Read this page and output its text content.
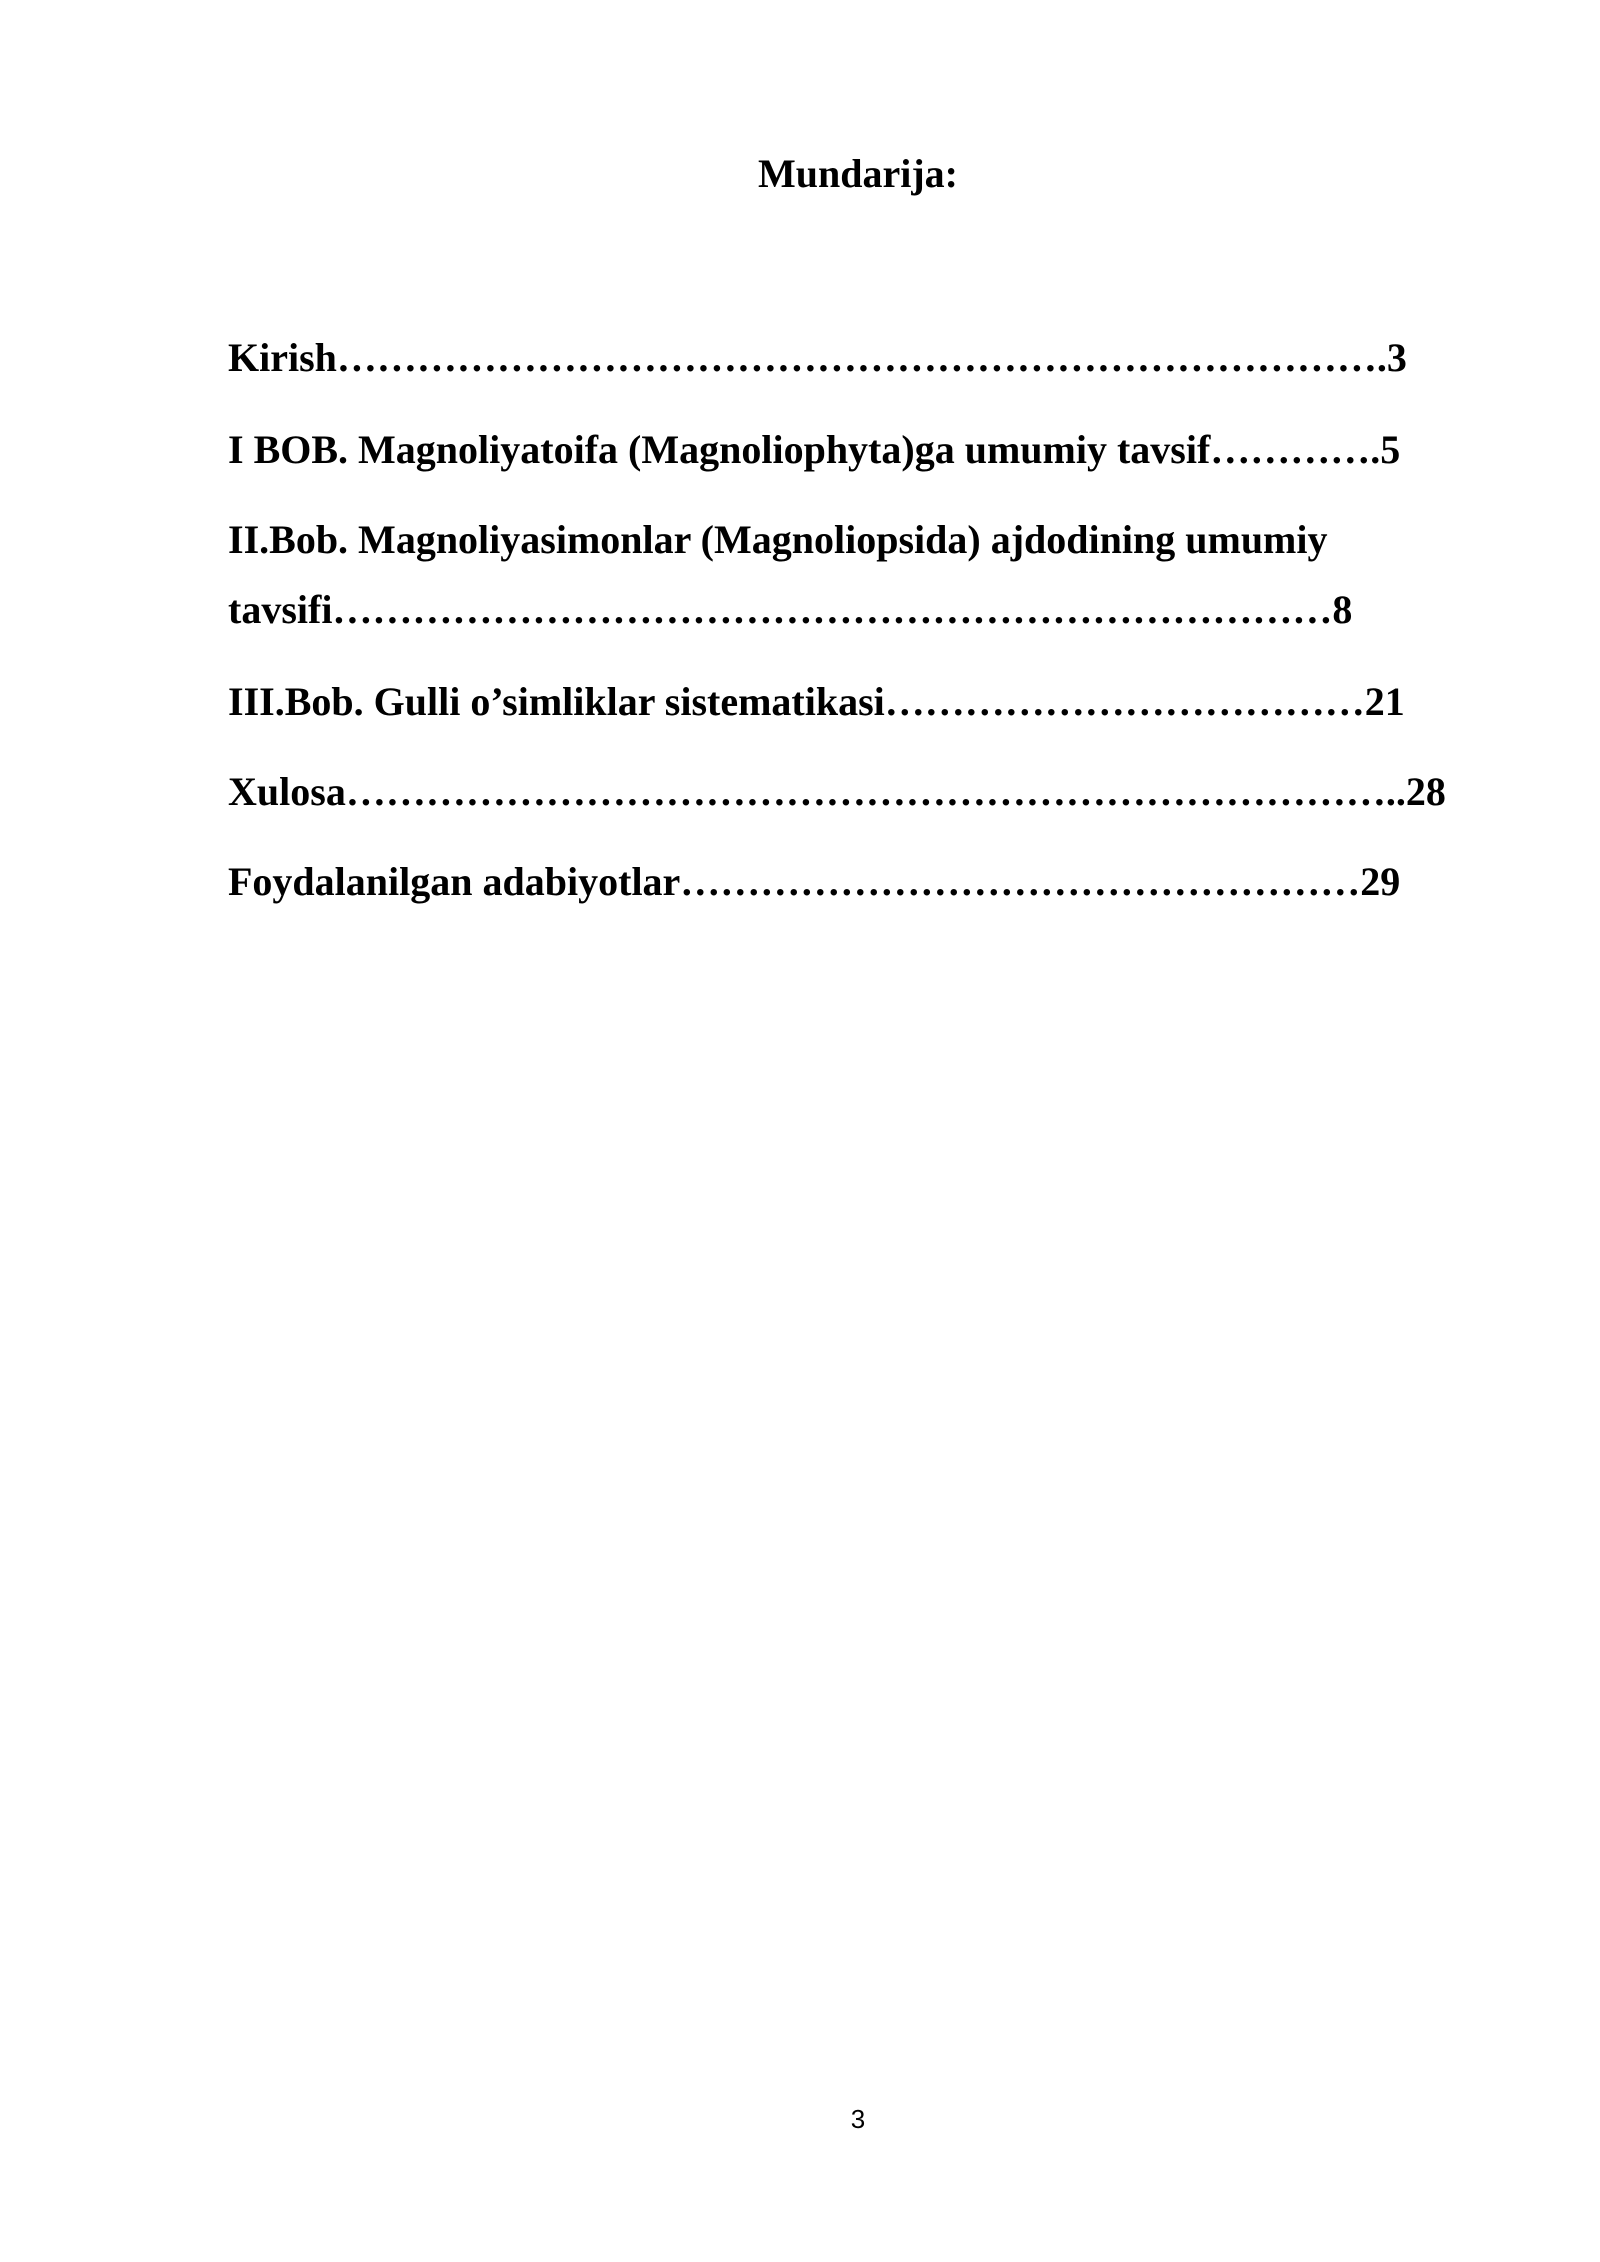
Mundarija:
Kirish…………………………………………………………………….3
I BOB. Magnoliyatoifa (Magnoliophyta)ga umumiy tavsif………….5
II.Bob. Magnoliyasimonlar (Magnoliopsida) ajdodining umumiy
tavsifi…………………………………………………………………8
III.Bob. Gulli o’simliklar sistematikasi………………………………21
Xulosa……………………………………………………………………..28
Foydalanilgan adabiyotlar……………………………………………29
3
